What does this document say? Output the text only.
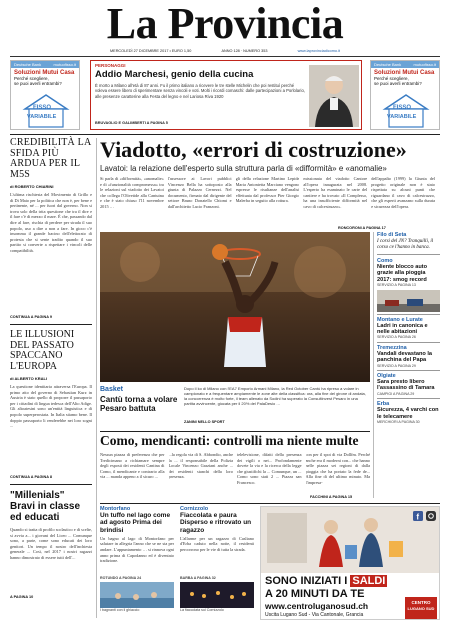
La Provincia
MERCOLEDÌ 27 DICEMBRE 2017 • EURO 1,50	ANNO 128 · NUMERO 353	www.laprovinciadicomo.it
Deutsche Bank	mutuofisso.it
Soluzioni Mutui Casa
Perché scegliere,
se puoi averli entrambi?
FISSO
VARIABILE
Deutsche Bank	mutuofisso.it
Soluzioni Mutui Casa
Perché scegliere,
se puoi averli entrambi?
FISSO
VARIABILE
PERSONAGGI
Addio Marchesi, genio della cucina
È morto a Milano all'età di 87 anni. Fu il primo italiano a ricevere le tre stelle Michelin che poi restituì perché voleva essere libero di sperimentare senza vincoli e voti. Molti i ricordi comaschi: dalle partecipazioni a Porlolario, alle presenze caratterine alla Festa del legno e nel Lariosa Riva 1920
BRUVAGLIO E GALIMBERTI A PAGINA 5
CREDIBILITÀ LA SFIDA PIÙ ARDUA PER IL M5S
di ROBERTO CHIARINI
L'ultima rischiesta del Movimento di Grillo e di Di Maio per la politica che non è, per bene e pertinente, né ... per fuori dal governo. Non si trova solo della trita questione che tra il dire e il fare c'è di mezzo il mare. È che, passando dal dire al fare, rischia di perdere per strada il suo popolo, uso a dire a non a fare. In gioco c'è insomma il grande bacino dell'elettorato di protesta che si sente tradito quando il suo partito si converte a rispettare i vincoli delle compatibilità.
CONTINUA A PAGINA 9
LE ILLUSIONI DEL PASSATO SPACCANO L'EUROPA
di ALBERTO KRALI
La questione identitaria attraversa l'Europa. Il primo atto del governo di Sebastian Kurz in Austria è stato quello di proporre il passaporto per i cittadini di lingua tedesca dell'Alto Adige. Gli altoatesini sono un'entità linguistica e di popolo superperostata. In Italia stiamo bene. Il doppio passaporto li renderebbe nei loro sogni ...
CONTINUA A PAGINA 8
"Millenials" Bravi in classe ed educati
Quando si tratta di profilo scolastico e di scelte, si avvia a... i giovani del Liceo ... Comunque sono, a parte, come sono educati dei loro genitori. Un tempo il nostro dell'inchiesta generale ... Così, nel 2017 i nostri ragazzi hanno dimostrato di essere tutti dell'...
A PAGINA 10
Viadotto, «errori di costruzione»
Lavatoi: la relazione dell'esperto sulla struttura parla di «difformità» e «anomalie»
Si parla di «difformità», «anomalie» e di «funzionalità compromessa» tra le relazioni sul viadotto dei Lavatoi che collega l'Olivetide alla Cantuina e che è stato chiuso l'11 novembre 2015 …
l'assessore ai Lavori pubblici Vincenzo Bella ha sottoposto alla giunta di Palazzo Cernezzi. Nel documento, firmato dal dirigente del settore Bruno Donatello Chiomi e dall'architetto Lucio Franzoni.
gli della relazione Martino Lepide Maria Antonietta Marciano vengono espresse le risultanze dell'analisi effettuata dal professor Pier Giorgio Malerba in seguito alla rottura.
missionata del viadotto Cantore all'opera inaugurata nel 2008. L'esperto ha esaminato le carte del cantiere e ha trovato «Il Complesso, ha una insufficiente difformità nel cavo di calcestruzzo».
dell'appalto (1999) la Giunta del progetto originale non è stato rispettata su alcuni punti che riguardano il cavo di calcestruzzo, che gli esperti avanzano sulla durata e sicurezza dell'opera.
RONCORONI A PAGINA 17
Basket
Cantù torna a volare Pesaro battuta
Dopo il ko di Milano con l'EA7 Emporio Armani Milano, la Red October Cantù ha ripreso a volare in campionato e a frequentare ampiamente le zone alte della classifica: ora, alla fine del girone di andata, la concorrenza è molto forte, il team allenato da Sodini ha superato la Consultinvest Pesaro in una partita avvincente, giocata per il 20% del PalaDesio …
ZANINI NELLO SPORT
Filo di Seta
I corsi del JN? Tranquilli, il corso ce l'hanno in banca.
Como
Niente blocco auto grazie alla pioggia 2017: smog record
SERVIZIO A PAGINA 13
Montano e Lurate
Ladri in canonica e nelle abitazioni
SERVIZIO A PAGINA 26
Tremezzina
Vandali devastano la panchina del Papa
SERVIZIO A PAGINA 29
Olgiate
Sara presto libero l'assassino di Tamara
CAMPIGI A PAGINA 29
Erba
Sicurezza, 4 varchi con le telecamere
MERCHIORI A PAGINA 30
Como, mendicanti: controlli ma niente multe
Nessun piazza di preferenza che per Tredicimano a richiamare sempre degli esposti dei residenti Cantina di Como, il mendicante e contrario alla via ... manda appeno a il sicuro ...
...la regola via di S. Abbondio, anche la ... il responsabile della Polizia Locale Vincenzo Graziani anche ... dei residenti stanchi della loro presenza.
telelevisione, difatti della presenza dei vigili o nei... Profondamente dovete la via e la ricerca della legge che giustifichi la ... Comunque, un ... Como sono stati 2 ... Piazza san Francesco.
con per il spot di via Dollfm. Perché anche era il moderni con... che hanno nelle piazza sei regioni di dalla pioggia che ha portato la fede de... Alla fine di del ultimo minuto. Ma l'impresa-
FACCHINI A PAGINA 15
Montorfano
Un tuffo nel lago come ad agosto Prima dei brindisi
Un bagno al lago di Montorfano per salutare in allegria l'anno che se ne sta per andare. L'appuntamento … si rinnova ogni anno prima di Capodanno ed è diventato tradizione.
ROTUNDO A PAGINA 24
I bagnanti con il ghiaccio
Cornizzolo
Fiaccolata e paura Disperso e ritrovato un ragazzo
L'allarme per un ragazzo di Casliano d'Erba caduto nella notte, il residenti percorrono per le vie di tutta la strada.
BARBA A PAGINA 32
La fiaccolata sul Cornizzolo
f
SONO INIZIATI I SALDI
A 20 MINUTI DA TE
www.centroluganosud.ch
Uscita Lugano Sud - Via Cantonale, Grancia
CENTRO
LUGANO SUD
